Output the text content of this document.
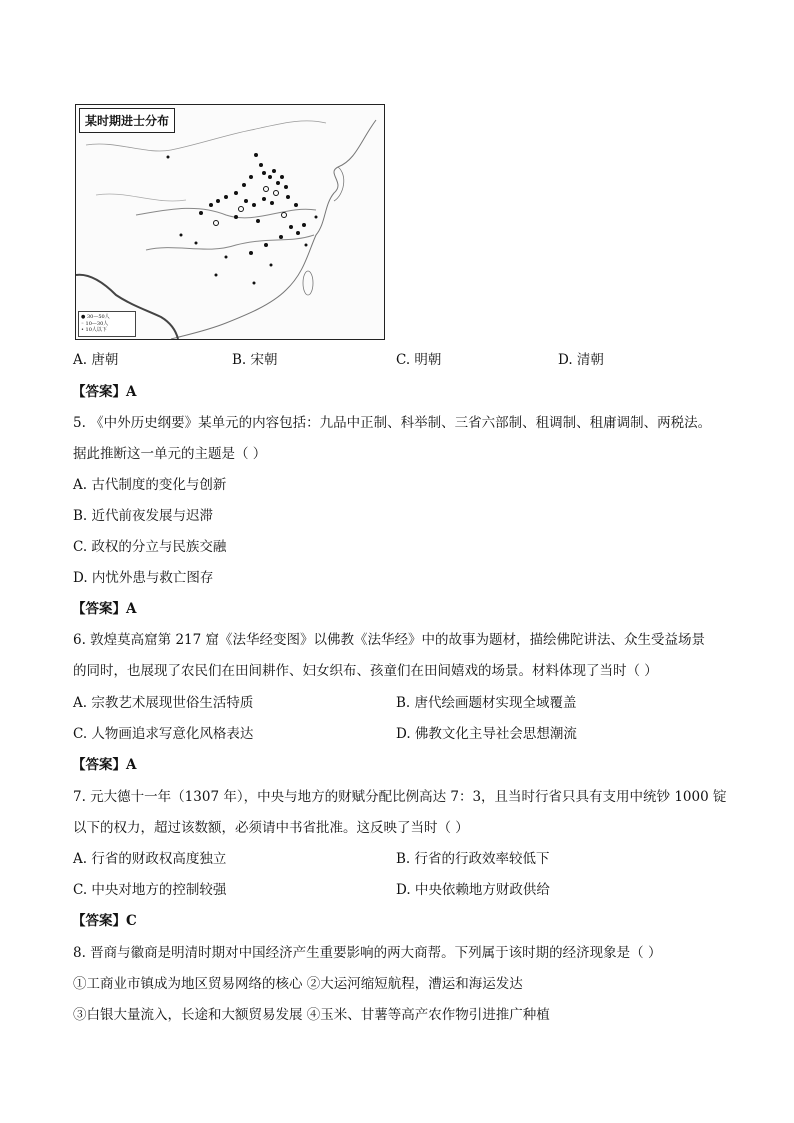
某时期进士分布
● 30—50人
◦ 10—30人
• 10人以下
A. 唐朝	B. 宋朝	C. 明朝	D. 清朝
【答案】A
5. 《中外历史纲要》某单元的内容包括：九品中正制、科举制、三省六部制、租调制、租庸调制、两税法。
据此推断这一单元的主题是（ ）
A. 古代制度的变化与创新
B. 近代前夜发展与迟滞
C. 政权的分立与民族交融
D. 内忧外患与救亡图存
【答案】A
6. 敦煌莫高窟第 217 窟《法华经变图》以佛教《法华经》中的故事为题材，描绘佛陀讲法、众生受益场景
的同时，也展现了农民们在田间耕作、妇女织布、孩童们在田间嬉戏的场景。材料体现了当时（ ）
A. 宗教艺术展现世俗生活特质	B. 唐代绘画题材实现全域覆盖
C. 人物画追求写意化风格表达	D. 佛教文化主导社会思想潮流
【答案】A
7. 元大德十一年（1307 年），中央与地方的财赋分配比例高达 7：3，且当时行省只具有支用中统钞 1000 锭
以下的权力，超过该数额，必须请中书省批准。这反映了当时（ ）
A. 行省的财政权高度独立	B. 行省的行政效率较低下
C. 中央对地方的控制较强	D. 中央依赖地方财政供给
【答案】C
8. 晋商与徽商是明清时期对中国经济产生重要影响的两大商帮。下列属于该时期的经济现象是（ ）
①工商业市镇成为地区贸易网络的核心 ②大运河缩短航程，漕运和海运发达
③白银大量流入，长途和大额贸易发展 ④玉米、甘薯等高产农作物引进推广种植
